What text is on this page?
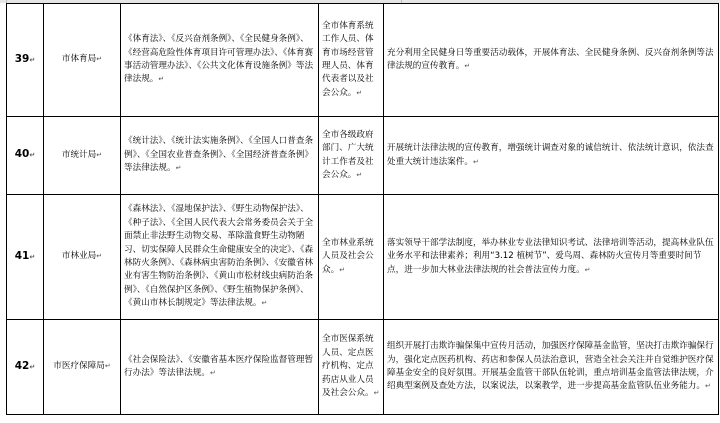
39↵	市体育局↵	《体育法》、《反兴奋剂条例》、《全民健身条例》、《经营高危险性体育项目许可管理办法》、《体育赛事活动管理办法》、《公共文化体育设施条例》等法律法规。↵	全市体育系统工作人员、体育市场经营管理人员、体育代表者以及社会公众。↵	充分利用全民健身日等重要活动载体，开展体育法、全民健身条例、反兴奋剂条例等法律法规的宣传教育。↵
40↵	市统计局↵	《统计法》、《统计法实施条例》、《全国人口普查条例》、《全国农业普查条例》、《全国经济普查条例》等法律法规。↵	全市各级政府部门、广大统计工作者及社会公众。↵	开展统计法律法规的宣传教育，增强统计调查对象的诚信统计、依法统计意识，依法查处重大统计违法案件。↵
41↵	市林业局↵	《森林法》、《湿地保护法》、《野生动物保护法》、《种子法》、《全国人民代表大会常务委员会关于全面禁止非法野生动物交易、革除滥食野生动物陋习、切实保障人民群众生命健康安全的决定》、《森林防火条例》、《森林病虫害防治条例》、《安徽省林业有害生物防治条例》、《黄山市松材线虫病防治条例》、《自然保护区条例》、《野生植物保护条例》、《黄山市林长制规定》等法律法规。↵	全市林业系统人员及社会公众。↵	落实领导干部学法制度，举办林业专业法律知识考试、法律培训等活动，提高林业队伍业务水平和法律素养；利用“3.12 植树节”、爱鸟周、森林防火宣传月等重要时间节点，进一步加大林业法律法规的社会普法宣传力度。↵
42↵	市医疗保障局↵	《社会保险法》、《安徽省基本医疗保险监督管理暂行办法》等法律法规。↵	全市医保系统人员、定点医疗机构、定点药店从业人员及社会公众。↵	组织开展打击欺诈骗保集中宣传月活动，加强医疗保障基金监管，坚决打击欺诈骗保行为，强化定点医药机构、药店和参保人员法治意识，营造全社会关注并自觉维护医疗保障基金安全的良好氛围。开展基金监管干部队伍轮训，重点培训基金监管法律法规，介绍典型案例及查处方法，以案说法，以案教学，进一步提高基金监管队伍业务能力。↵
